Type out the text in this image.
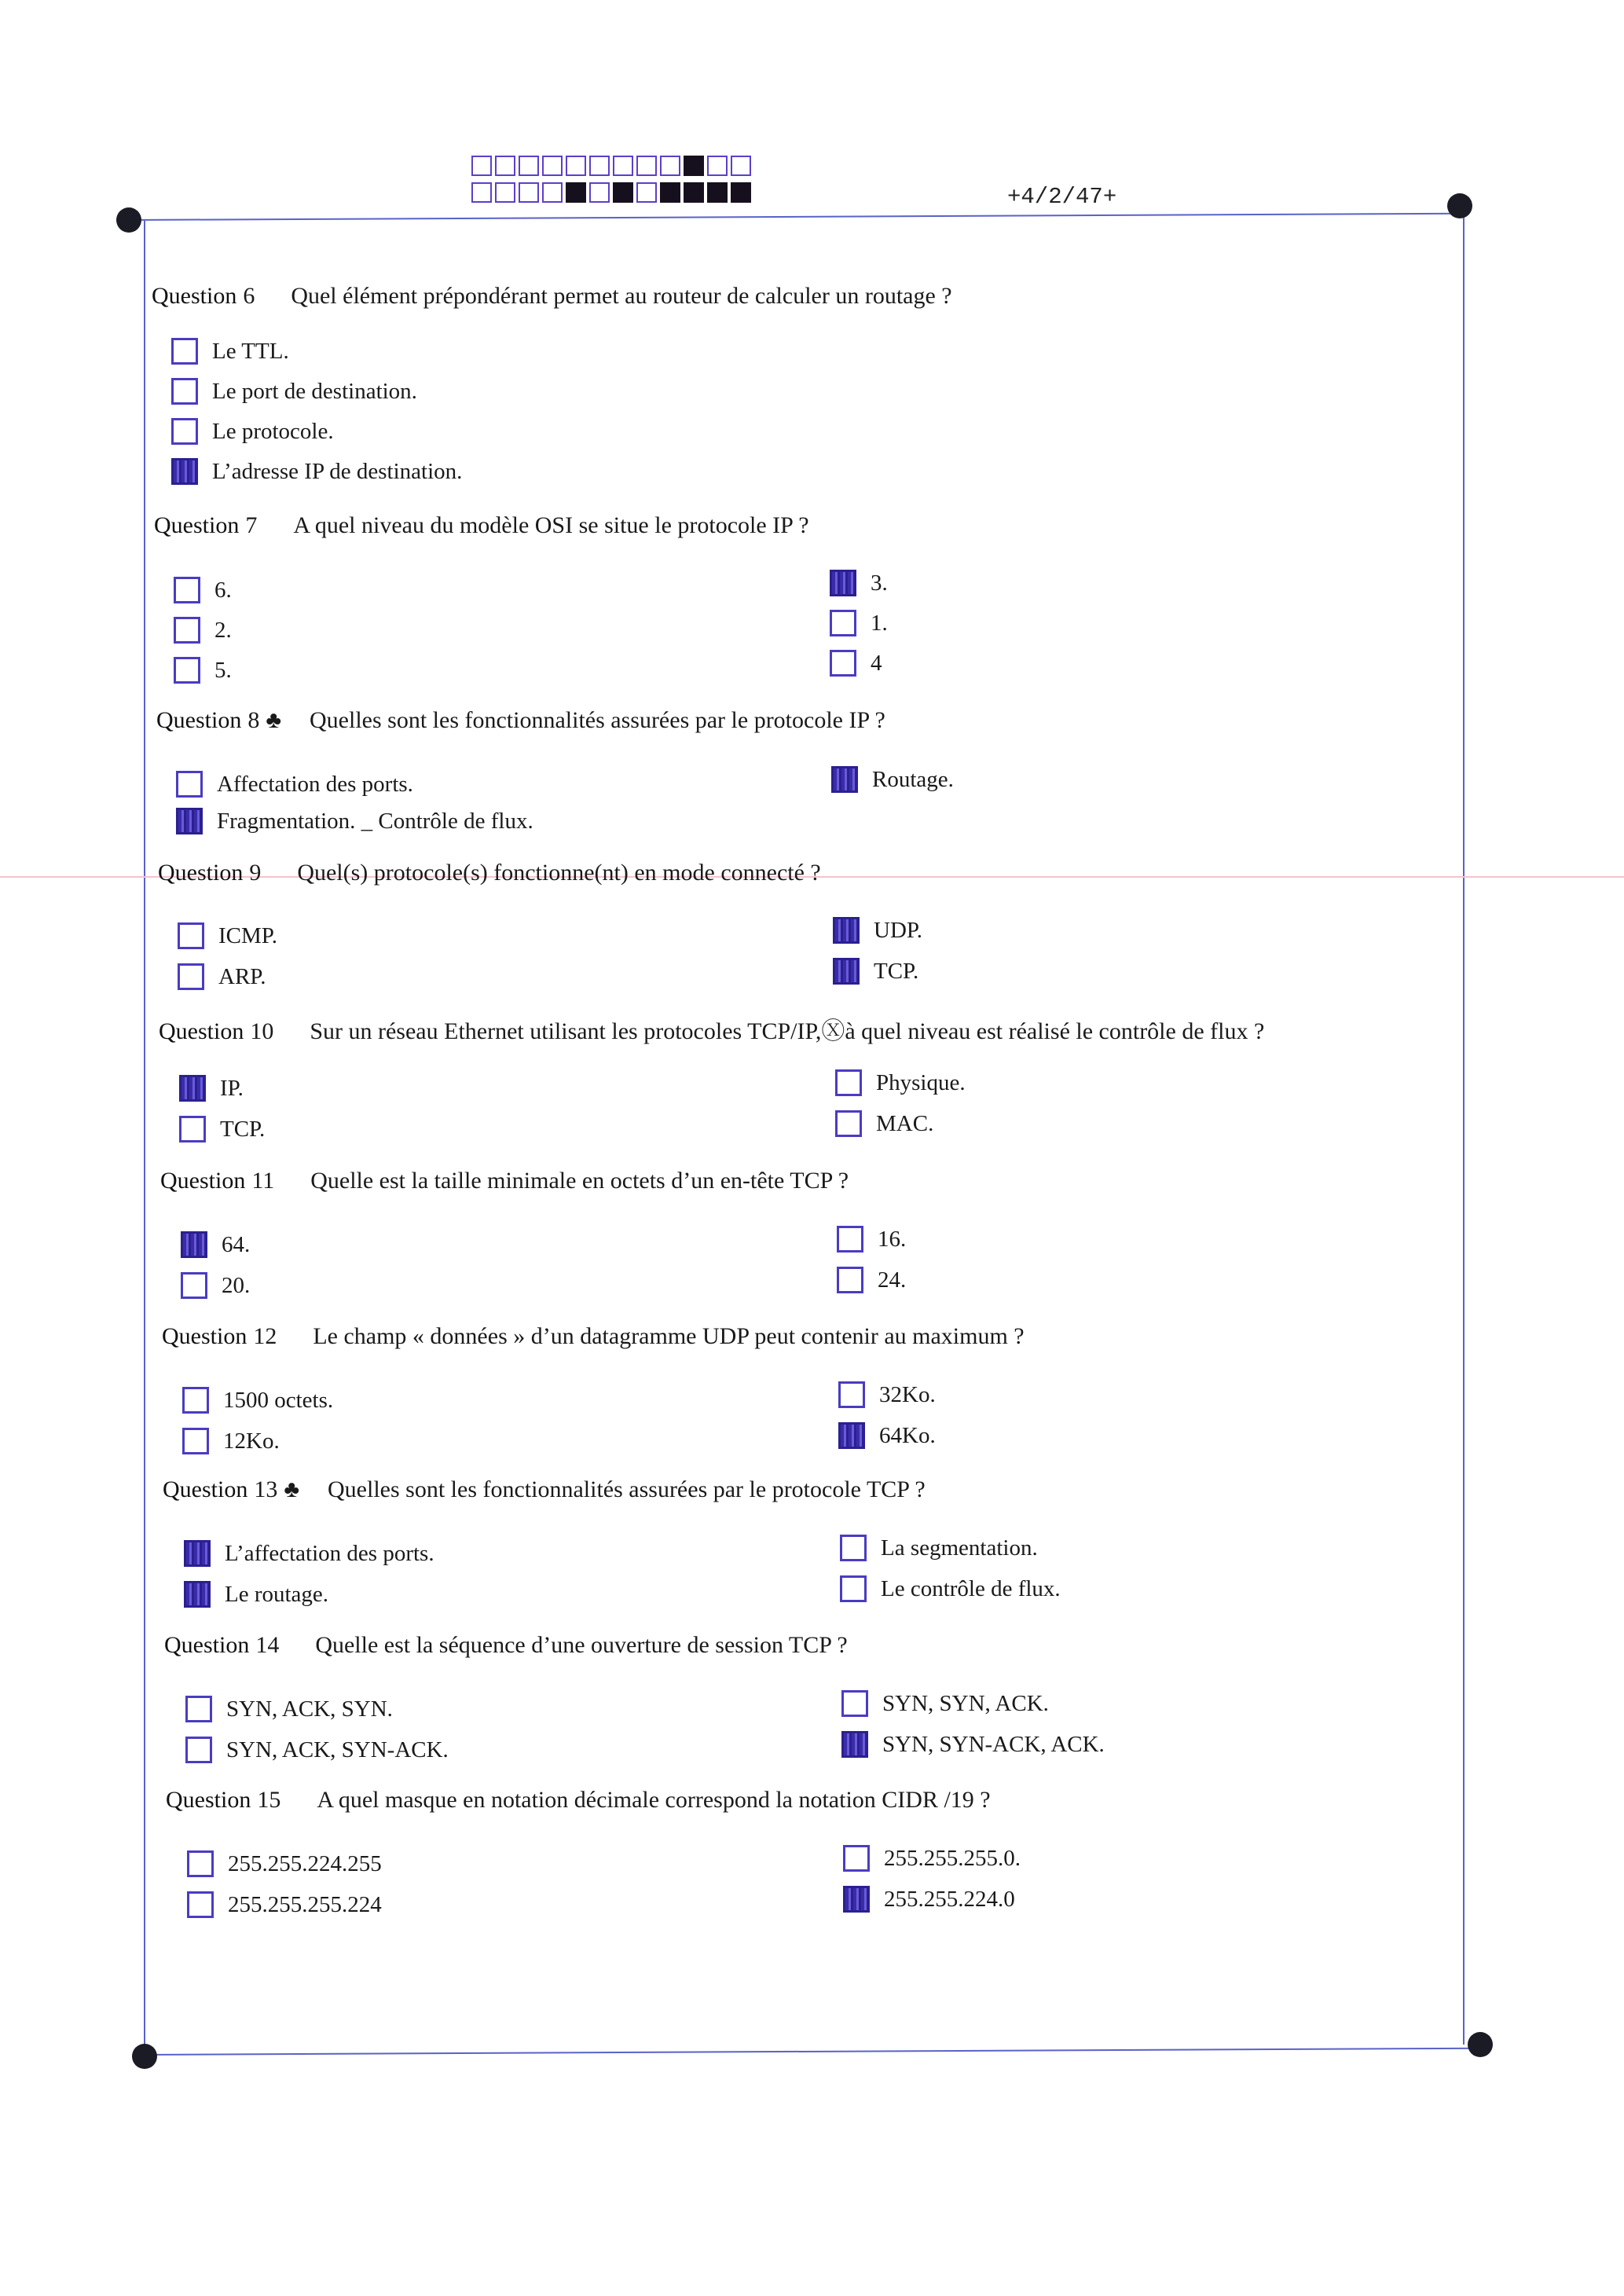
+4/2/47+
Question 6 Quel élément prépondérant permet au routeur de calculer un routage ?
Le TTL.
Le port de destination.
Le protocole.
L’adresse IP de destination.
Question 7 A quel niveau du modèle OSI se situe le protocole IP ?
6.
2.
5.
3.
1.
4
Question 8 ♣ Quelles sont les fonctionnalités assurées par le protocole IP ?
Affectation des ports.
Fragmentation. _ Contrôle de flux.
Routage.
Question 9 Quel(s) protocole(s) fonctionne(nt) en mode connecté ?
ICMP.
ARP.
UDP.
TCP.
Question 10 Sur un réseau Ethernet utilisant les protocoles TCP/IP,Ⓧà quel niveau est réalisé le contrôle de flux ?
IP.
TCP.
Physique.
MAC.
Question 11 Quelle est la taille minimale en octets d’un en-tête TCP ?
64.
20.
16.
24.
Question 12 Le champ « données » d’un datagramme UDP peut contenir au maximum ?
1500 octets.
12Ko.
32Ko.
64Ko.
Question 13 ♣ Quelles sont les fonctionnalités assurées par le protocole TCP ?
L’affectation des ports.
Le routage.
La segmentation.
Le contrôle de flux.
Question 14 Quelle est la séquence d’une ouverture de session TCP ?
SYN, ACK, SYN.
SYN, ACK, SYN-ACK.
SYN, SYN, ACK.
SYN, SYN-ACK, ACK.
Question 15 A quel masque en notation décimale correspond la notation CIDR /19 ?
255.255.224.255
255.255.255.224
255.255.255.0.
255.255.224.0
